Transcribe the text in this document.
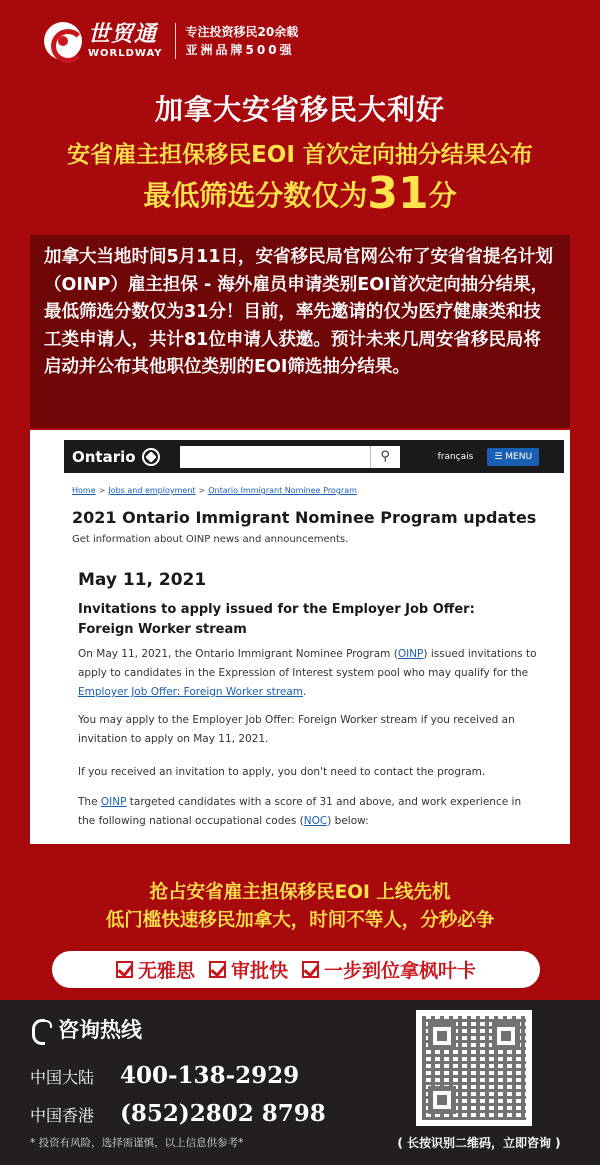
世贸通
WORLDWAY
专注投资移民20余载
亚洲品牌500强
加拿大安省移民大利好
安省雇主担保移民EOI 首次定向抽分结果公布
最低筛选分数仅为31分
加拿大当地时间5月11日，安省移民局官网公布了安省省提名计划（OINP）雇主担保 - 海外雇员申请类别EOI首次定向抽分结果，最低筛选分数仅为31分！目前，率先邀请的仅为医疗健康类和技工类申请人，共计81位申请人获邀。预计未来几周安省移民局将启动并公布其他职位类别的EOI筛选抽分结果。
Ontario	⚲	français	☰ MENU
Home > Jobs and employment > Ontario Immigrant Nominee Program
2021 Ontario Immigrant Nominee Program updates
Get information about OINP news and announcements.
May 11, 2021
Invitations to apply issued for the Employer Job Offer: Foreign Worker stream
On May 11, 2021, the Ontario Immigrant Nominee Program (OINP) issued invitations to apply to candidates in the Expression of Interest system pool who may qualify for the Employer Job Offer: Foreign Worker stream.
You may apply to the Employer Job Offer: Foreign Worker stream if you received an invitation to apply on May 11, 2021.
If you received an invitation to apply, you don't need to contact the program.
The OINP targeted candidates with a score of 31 and above, and work experience in the following national occupational codes (NOC) below:
抢占安省雇主担保移民EOI 上线先机
低门槛快速移民加拿大，时间不等人，分秒必争
无雅思 审批快 一步到位拿枫叶卡
咨询热线
中国大陆	400-138-2929
中国香港	(852)2802 8798
* 投资有风险，选择需谨慎，以上信息供参考*	( 长按识别二维码，立即咨询 )
